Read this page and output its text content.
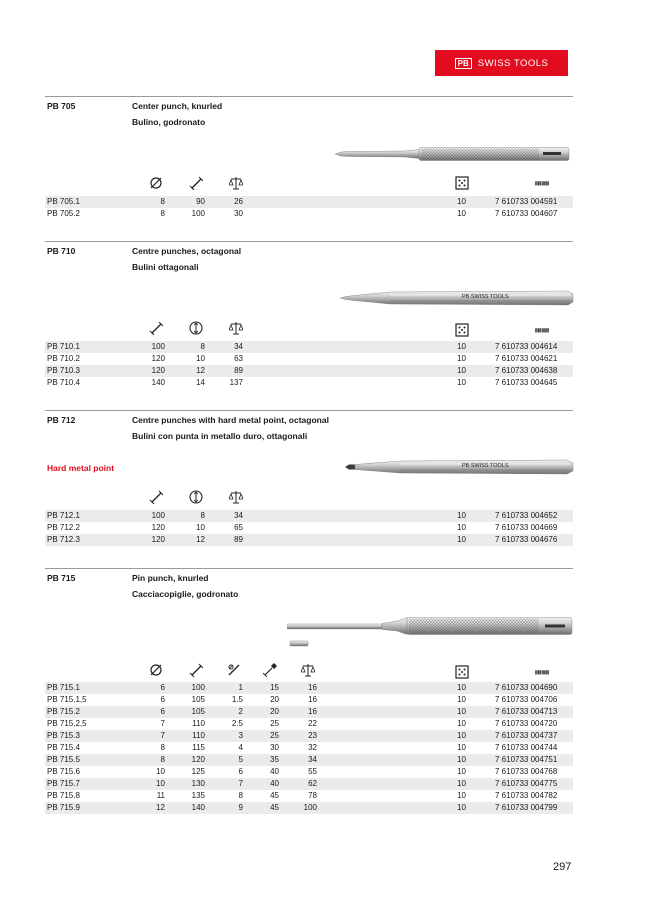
PB SWISS TOOLS
PB 705	Center punch, knurled
Bulino, godronato
PB 705.1	8	90	26	10	7 610733 004591
PB 705.2	8	100	30	10	7 610733 004607
PB 710	Centre punches, octagonal
Bulini ottagonali
PB SWISS TOOLS
PB 710.1	100	8	34	10	7 610733 004614
PB 710.2	120	10	63	10	7 610733 004621
PB 710.3	120	12	89	10	7 610733 004638
PB 710.4	140	14	137	10	7 610733 004645
PB 712	Centre punches with hard metal point, octagonal
Bulini con punta in metallo duro, ottagonali
Hard metal point	PB SWISS TOOLS
PB 712.1	100	8	34	10	7 610733 004652
PB 712.2	120	10	65	10	7 610733 004669
PB 712.3	120	12	89	10	7 610733 004676
PB 715	Pin punch, knurled
Cacciacopiglie, godronato
PB 715.1	6	100	1	15	16	10	7 610733 004690
PB 715.1,5	6	105	1.5	20	16	10	7 610733 004706
PB 715.2	6	105	2	20	16	10	7 610733 004713
PB 715.2,5	7	110	2.5	25	22	10	7 610733 004720
PB 715.3	7	110	3	25	23	10	7 610733 004737
PB 715.4	8	115	4	30	32	10	7 610733 004744
PB 715.5	8	120	5	35	34	10	7 610733 004751
PB 715.6	10	125	6	40	55	10	7 610733 004768
PB 715.7	10	130	7	40	62	10	7 610733 004775
PB 715.8	11	135	8	45	78	10	7 610733 004782
PB 715.9	12	140	9	45	100	10	7 610733 004799
297
